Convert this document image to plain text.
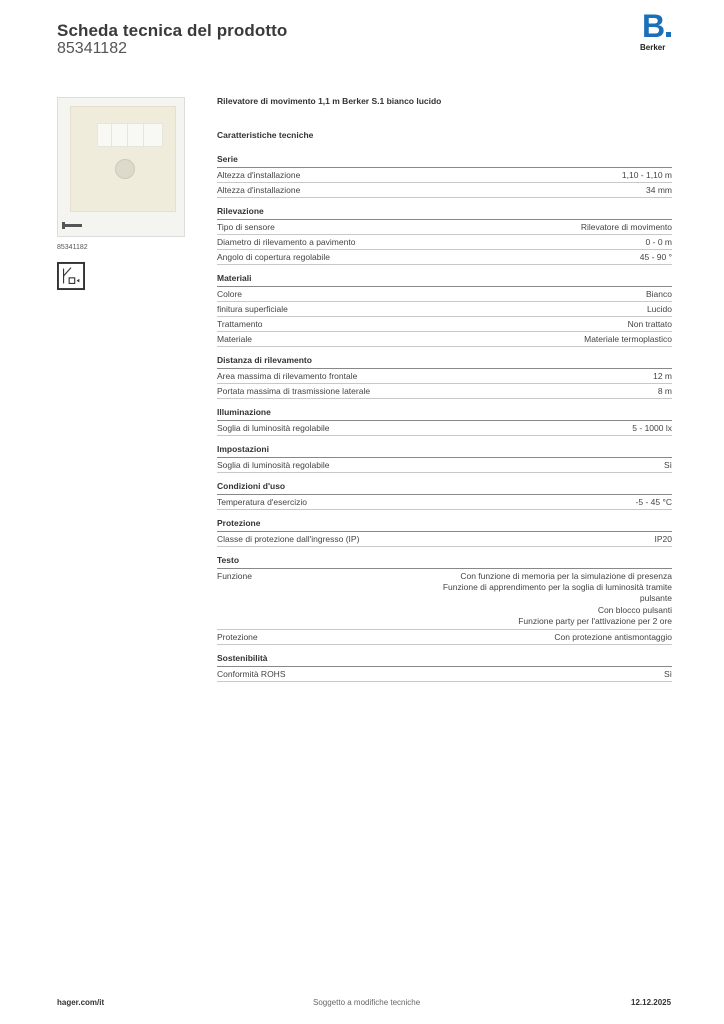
Scheda tecnica del prodotto
85341182
B
Berker
85341182
Rilevatore di movimento 1,1 m Berker S.1 bianco lucido
Caratteristiche tecniche
Serie
Altezza d'installazione	1,10 - 1,10 m
Altezza d'installazione	34 mm
Rilevazione
Tipo di sensore	Rilevatore di movimento
Diametro di rilevamento a pavimento	0 - 0 m
Angolo di copertura regolabile	45 - 90 °
Materiali
Colore	Bianco
finitura superficiale	Lucido
Trattamento	Non trattato
Materiale	Materiale termoplastico
Distanza di rilevamento
Area massima di rilevamento frontale	12 m
Portata massima di trasmissione laterale	8 m
Illuminazione
Soglia di luminosità regolabile	5 - 1000 lx
Impostazioni
Soglia di luminosità regolabile	Sì
Condizioni d'uso
Temperatura d'esercizio	-5 - 45 °C
Protezione
Classe di protezione dall'ingresso (IP)	IP20
Testo
Funzione	Con funzione di memoria per la simulazione di presenza
Funzione di apprendimento per la soglia di luminosità tramite
pulsante
Con blocco pulsanti
Funzione party per l'attivazione per 2 ore
Protezione	Con protezione antismontaggio
Sostenibilità
Conformità ROHS	Sì
hager.com/it	Soggetto a modifiche tecniche	12.12.2025
